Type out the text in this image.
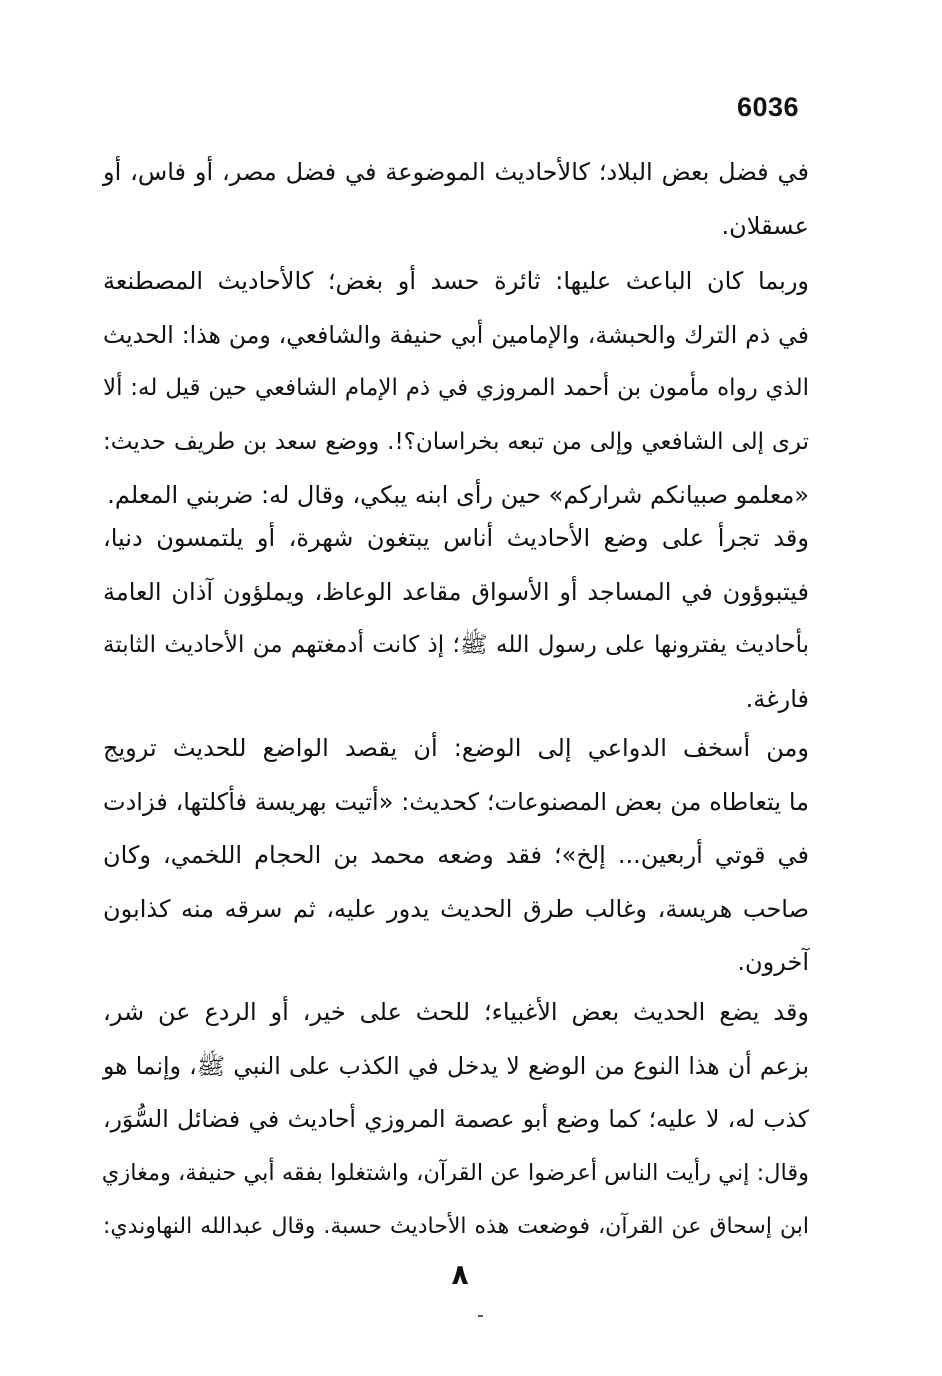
6036
في فضل بعض البلاد؛ كالأحاديث الموضوعة في فضل مصر، أو فاس، أو
عسقلان.
وربما كان الباعث عليها: ثائرة حسد أو بغض؛ كالأحاديث المصطنعة
في ذم الترك والحبشة، والإمامين أبي حنيفة والشافعي، ومن هذا: الحديث
الذي رواه مأمون بن أحمد المروزي في ذم الإمام الشافعي حين قيل له: ألا
ترى إلى الشافعي وإلى من تبعه بخراسان؟!. ووضع سعد بن طريف حديث:
«معلمو صبيانكم شراركم» حين رأى ابنه يبكي، وقال له: ضربني المعلم.
وقد تجرأ على وضع الأحاديث أناس يبتغون شهرة، أو يلتمسون دنيا،
فيتبوؤون في المساجد أو الأسواق مقاعد الوعاظ، ويملؤون آذان العامة
بأحاديث يفترونها على رسول الله ﷺ؛ إذ كانت أدمغتهم من الأحاديث الثابتة
فارغة.
ومن أسخف الدواعي إلى الوضع: أن يقصد الواضع للحديث ترويج
ما يتعاطاه من بعض المصنوعات؛ كحديث: «أتيت بهريسة فأكلتها، فزادت
في قوتي أربعين... إلخ»؛ فقد وضعه محمد بن الحجام اللخمي، وكان
صاحب هريسة، وغالب طرق الحديث يدور عليه، ثم سرقه منه كذابون
آخرون.
وقد يضع الحديث بعض الأغبياء؛ للحث على خير، أو الردع عن شر،
بزعم أن هذا النوع من الوضع لا يدخل في الكذب على النبي ﷺ، وإنما هو
كذب له، لا عليه؛ كما وضع أبو عصمة المروزي أحاديث في فضائل السُّوَر،
وقال: إني رأيت الناس أعرضوا عن القرآن، واشتغلوا بفقه أبي حنيفة، ومغازي
ابن إسحاق عن القرآن، فوضعت هذه الأحاديث حسبة. وقال عبدالله النهاوندي:
٨
